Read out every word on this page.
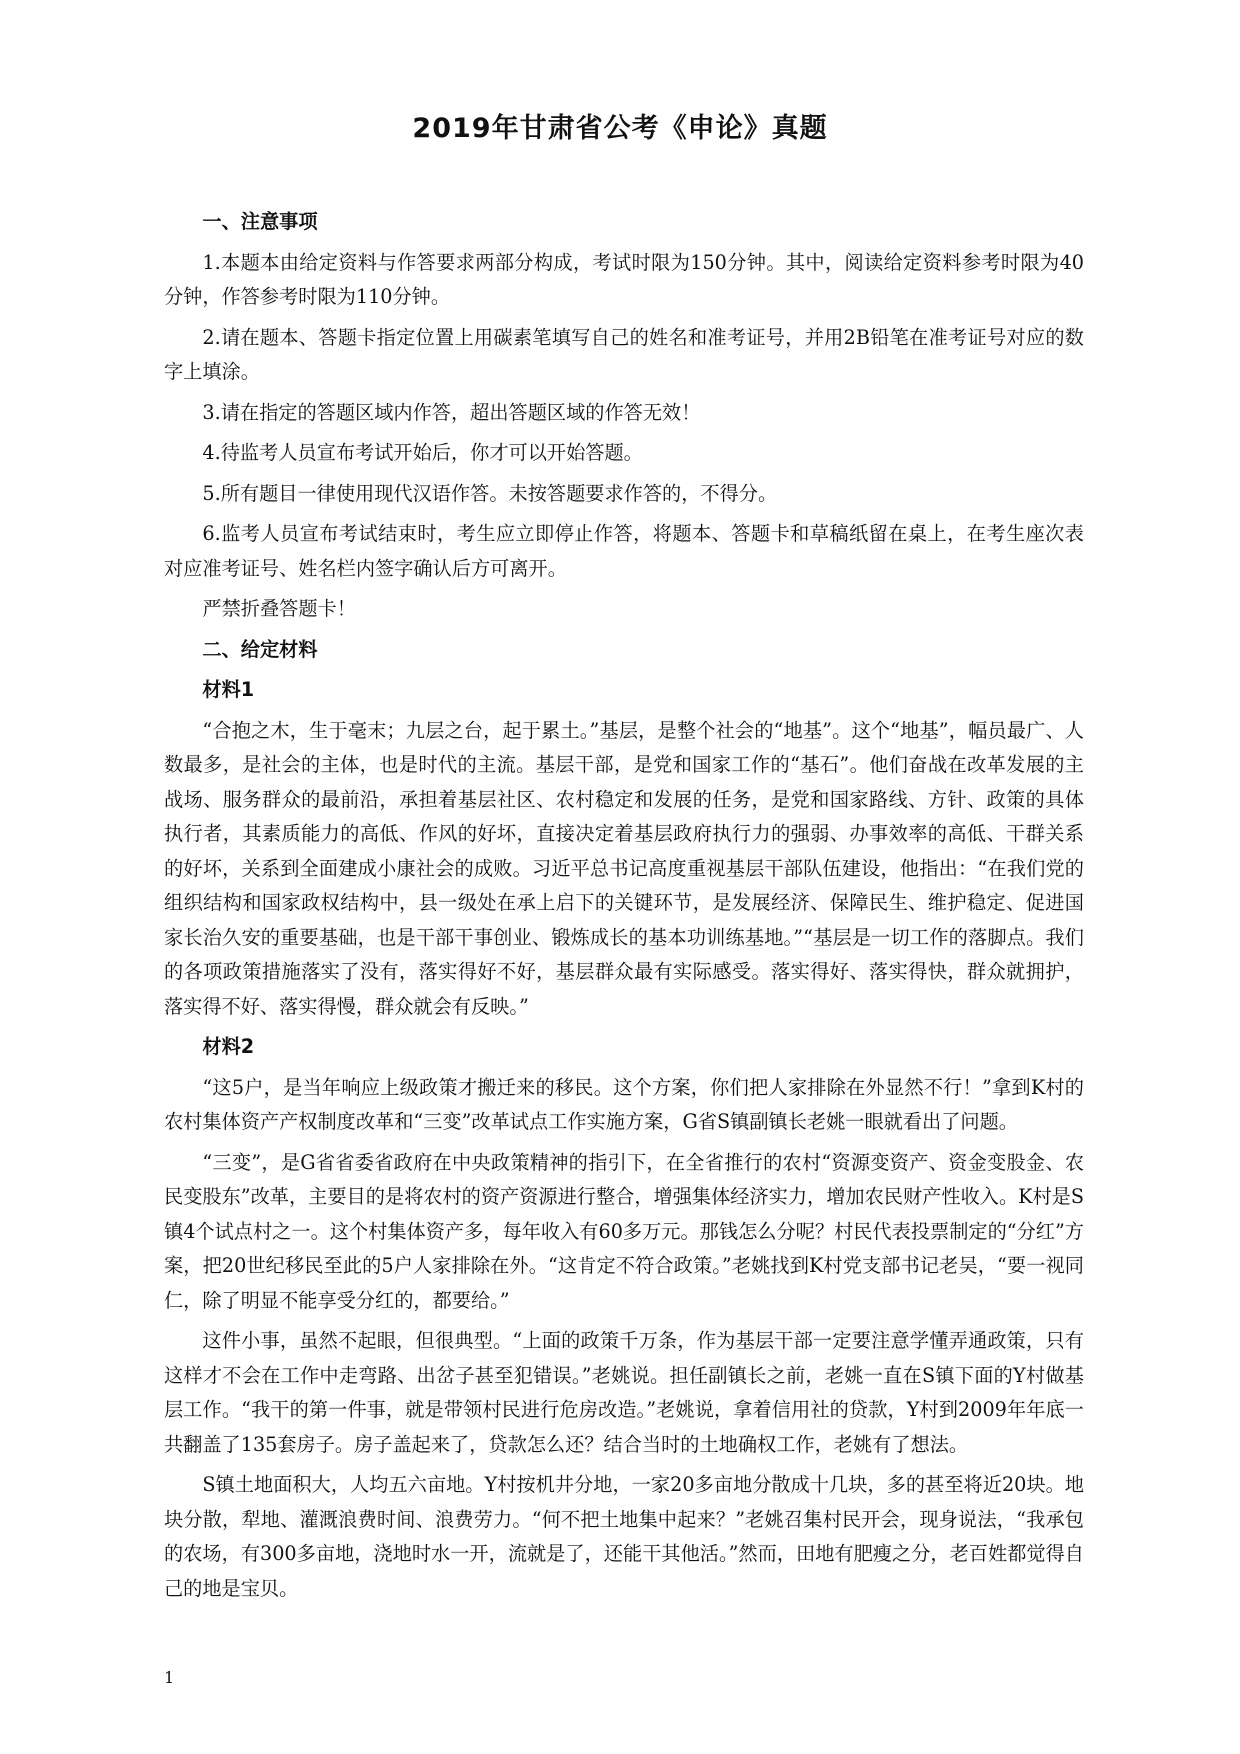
2019年甘肃省公考《申论》真题
一、注意事项

1.本题本由给定资料与作答要求两部分构成，考试时限为150分钟。其中，阅读给定资料参考时限为40分钟，作答参考时限为110分钟。

2.请在题本、答题卡指定位置上用碳素笔填写自己的姓名和准考证号，并用2B铅笔在准考证号对应的数字上填涂。

3.请在指定的答题区域内作答，超出答题区域的作答无效！

4.待监考人员宣布考试开始后，你才可以开始答题。

5.所有题目一律使用现代汉语作答。未按答题要求作答的，不得分。

6.监考人员宣布考试结束时，考生应立即停止作答，将题本、答题卡和草稿纸留在桌上，在考生座次表对应准考证号、姓名栏内签字确认后方可离开。

严禁折叠答题卡！

二、给定材料
材料1

“合抱之木，生于毫末；九层之台，起于累土。”基层，是整个社会的“地基”。这个“地基”，幅员最广、人数最多，是社会的主体，也是时代的主流。基层干部，是党和国家工作的“基石”。他们奋战在改革发展的主战场、服务群众的最前沿，承担着基层社区、农村稳定和发展的任务，是党和国家路线、方针、政策的具体执行者，其素质能力的高低、作风的好坏，直接决定着基层政府执行力的强弱、办事效率的高低、干群关系的好坏，关系到全面建成小康社会的成败。习近平总书记高度重视基层干部队伍建设，他指出：“在我们党的组织结构和国家政权结构中，县一级处在承上启下的关键环节，是发展经济、保障民生、维护稳定、促进国家长治久安的重要基础，也是干部干事创业、锻炼成长的基本功训练基地。”“基层是一切工作的落脚点。我们的各项政策措施落实了没有，落实得好不好，基层群众最有实际感受。落实得好、落实得快，群众就拥护，落实得不好、落实得慢，群众就会有反映。”

材料2

“这5户，是当年响应上级政策才搬迁来的移民。这个方案，你们把人家排除在外显然不行！”拿到K村的农村集体资产产权制度改革和“三变”改革试点工作实施方案，G省S镇副镇长老姚一眼就看出了问题。

“三变”，是G省省委省政府在中央政策精神的指引下，在全省推行的农村“资源变资产、资金变股金、农民变股东”改革，主要目的是将农村的资产资源进行整合，增强集体经济实力，增加农民财产性收入。K村是S镇4个试点村之一。这个村集体资产多，每年收入有60多万元。那钱怎么分呢？村民代表投票制定的“分红”方案，把20世纪移民至此的5户人家排除在外。“这肯定不符合政策。”老姚找到K村党支部书记老吴，“要一视同仁，除了明显不能享受分红的，都要给。”

这件小事，虽然不起眼，但很典型。“上面的政策千万条，作为基层干部一定要注意学懂弄通政策，只有这样才不会在工作中走弯路、出岔子甚至犯错误。”老姚说。担任副镇长之前，老姚一直在S镇下面的Y村做基层工作。“我干的第一件事，就是带领村民进行危房改造。”老姚说，拿着信用社的贷款，Y村到2009年年底一共翻盖了135套房子。房子盖起来了，贷款怎么还？结合当时的土地确权工作，老姚有了想法。

S镇土地面积大，人均五六亩地。Y村按机井分地，一家20多亩地分散成十几块，多的甚至将近20块。地块分散，犁地、灌溉浪费时间、浪费劳力。“何不把土地集中起来？”老姚召集村民开会，现身说法，“我承包的农场，有300多亩地，浇地时水一开，流就是了，还能干其他活。”然而，田地有肥瘦之分，老百姓都觉得自己的地是宝贝。

1
